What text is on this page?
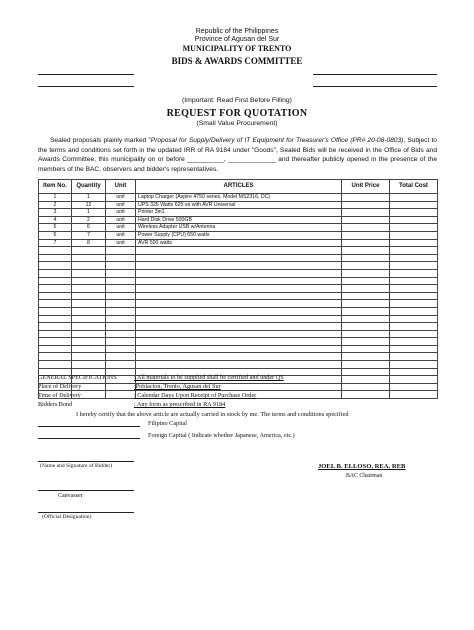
Republic of the Philippines
Province of Agusan del Sur
MUNICIPALITY OF TRENTO
BIDS & AWARDS COMMITTEE
(Important: Read First Before Filling)
REQUEST FOR QUOTATION
(Small Value Procurement)
Sealed proposals plainly marked "Proposal for Supply/Delivery of IT Equipment for Treasurer's Office (PR# 20-08-0803), Subject to the terms and conditions set forth in the updated IRR of RA 9184 under "Goods", Sealed Bids will be received in the Office of Bids and Awards Committee, this municipality on or before __________, _____________ and thereafter publicly opened in the presence of the members of the BAC, observers and bidder's representatives.
Item No.	Quantity	Unit	ARTICLES	Unit Price	Total Cost
1	1	unit	Laptop Charger (Aspire 4750 series, Model MS2316, DC)		
2	12	unit	UPS 325 Watts 625 va with AVR Universal		
3	1	unit	Printer 3in1		
4	2	unit	Hard Disk Drive 500GB		
5	6	unit	Wireless Adapter USB w/Antenna		
6	7	unit	Power Supply (CPU) 650 watts		
7	8	unit	AVR 500 watts		

GENERAL SPECIFICATIONS	: All materials to be supplied shall be certified and under QS
Place of Delivery	:Poblacion, Trento, Agusan del Sur
Time of Delivery	: Calendar Days Upon Receipt of Purchase Order
Bidders Bond	: Any form as prescribed in RA 9184
I hereby certify that the above article are actually carried in stock by me. The terms and conditions specified
Filipino Capital
Foreign Capital ( Indicate whether Japanese, America, etc.)
(Name and Signature of Bidder)	JOEL B. ELLOSO, REA, REB
BAC Chairman
Canvasser
(Official Designation)
